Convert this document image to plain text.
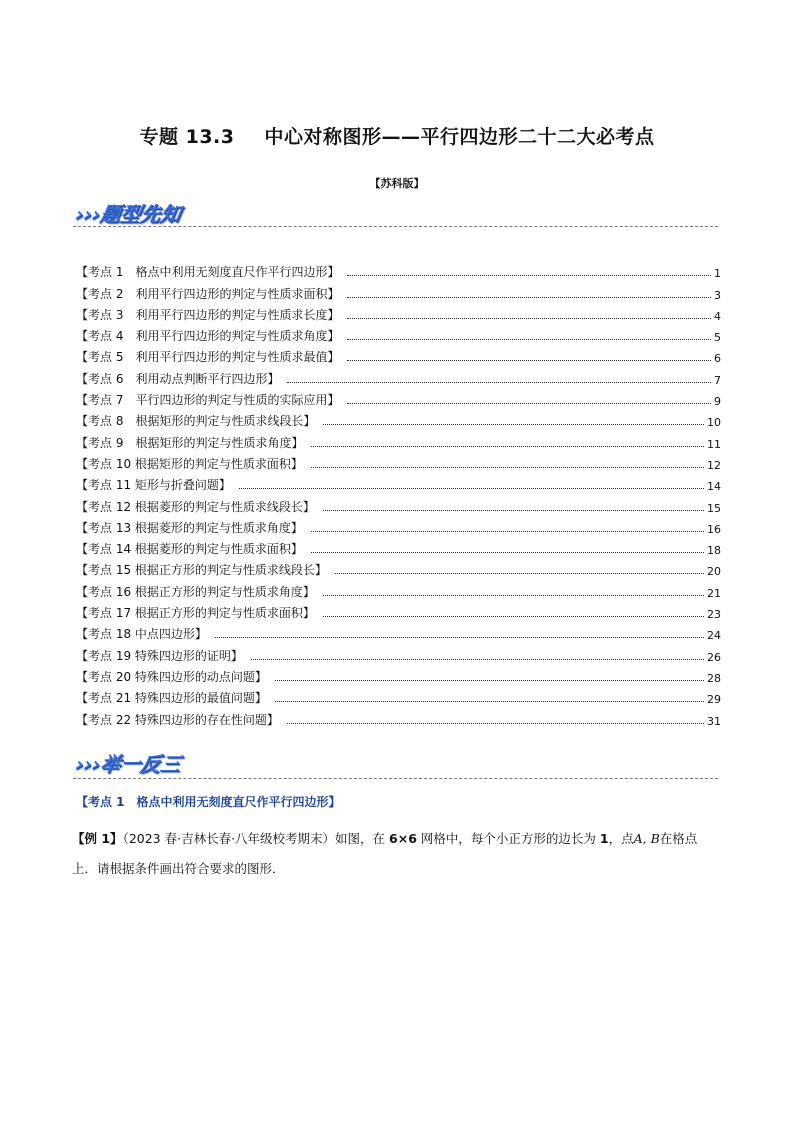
专题 13.3 中心对称图形——平行四边形二十二大必考点
【苏科版】
›››题型先知
【考点 1　格点中利用无刻度直尺作平行四边形】	1
【考点 2　利用平行四边形的判定与性质求面积】	3
【考点 3　利用平行四边形的判定与性质求长度】	4
【考点 4　利用平行四边形的判定与性质求角度】	5
【考点 5　利用平行四边形的判定与性质求最值】	6
【考点 6　利用动点判断平行四边形】	7
【考点 7　平行四边形的判定与性质的实际应用】	9
【考点 8　根据矩形的判定与性质求线段长】	10
【考点 9　根据矩形的判定与性质求角度】	11
【考点 10 根据矩形的判定与性质求面积】	12
【考点 11 矩形与折叠问题】	14
【考点 12 根据菱形的判定与性质求线段长】	15
【考点 13 根据菱形的判定与性质求角度】	16
【考点 14 根据菱形的判定与性质求面积】	18
【考点 15 根据正方形的判定与性质求线段长】	20
【考点 16 根据正方形的判定与性质求角度】	21
【考点 17 根据正方形的判定与性质求面积】	23
【考点 18 中点四边形】	24
【考点 19 特殊四边形的证明】	26
【考点 20 特殊四边形的动点问题】	28
【考点 21 特殊四边形的最值问题】	29
【考点 22 特殊四边形的存在性问题】	31
›››举一反三
【考点 1　格点中利用无刻度直尺作平行四边形】
【例 1】（2023 春·吉林长春·八年级校考期末）如图，在 6×6 网格中，每个小正方形的边长为 1，点A, B在格点上．请根据条件画出符合要求的图形．
